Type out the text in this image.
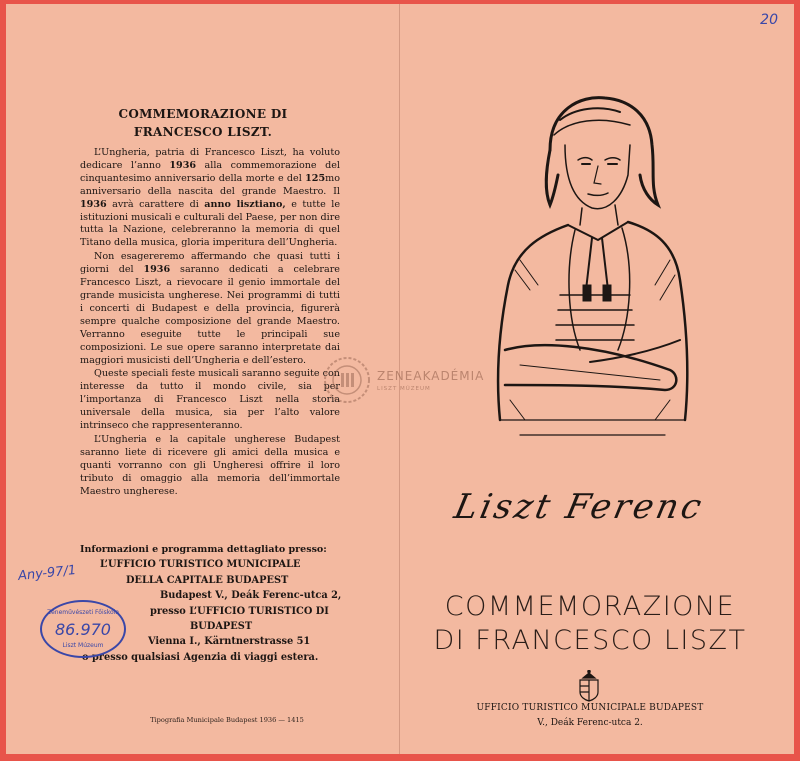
COMMEMORAZIONE DI
FRANCESCO LISZT.

L’Ungheria, patria di Francesco Liszt, ha voluto dedicare l’anno 1936 alla commemorazione del cinquantesimo anniversario della morte e del 125mo anniversario della nascita del grande Maestro. Il 1936 avrà carattere di anno lisztiano, e tutte le istituzioni musicali e culturali del Paese, per non dire tutta la Nazione, celebreranno la memoria di quel Titano della musica, gloria imperitura dell’Ungheria.

Non esagereremo affermando che quasi tutti i giorni del 1936 saranno dedicati a celebrare Francesco Liszt, a rievocare il genio immortale del grande musicista ungherese. Nei programmi di tutti i concerti di Budapest e della provincia, figurerà sempre qualche composizione del grande Maestro. Verranno eseguite tutte le principali sue composizioni. Le sue opere saranno interpretate dai maggiori musicisti dell’Ungheria e dell’estero.

Queste speciali feste musicali saranno seguite con interesse da tutto il mondo civile, sia per l’importanza di Francesco Liszt nella storia universale della musica, sia per l’alto valore intrinseco che rappresenteranno.

L’Ungheria e la capitale ungherese Budapest saranno liete di ricevere gli amici della musica e quanti vorranno con gli Ungheresi offrire il loro tributo di omaggio alla memoria dell’immortale Maestro ungherese.

Informazioni e programma dettagliato presso:
L’UFFICIO TURISTICO MUNICIPALE
DELLA CAPITALE BUDAPEST
Budapest V., Deák Ferenc-utca 2,
presso L’UFFICIO TURISTICO DI
BUDAPEST
Vienna I., Kärntnerstrasse 51
o presso qualsiasi Agenzia di viaggi estera.
Tipografia Municipale Budapest 1936 — 1415
20
Any-97/1
Zeneművészeti Főiskola
86.970
Liszt Múzeum
ZENEAKADÉMIA
LISZT MÚZEUM
Liszt Ferenc
COMMEMORAZIONE
DI FRANCESCO LISZT
UFFICIO TURISTICO MUNICIPALE BUDAPEST
V., Deák Ferenc-utca 2.
